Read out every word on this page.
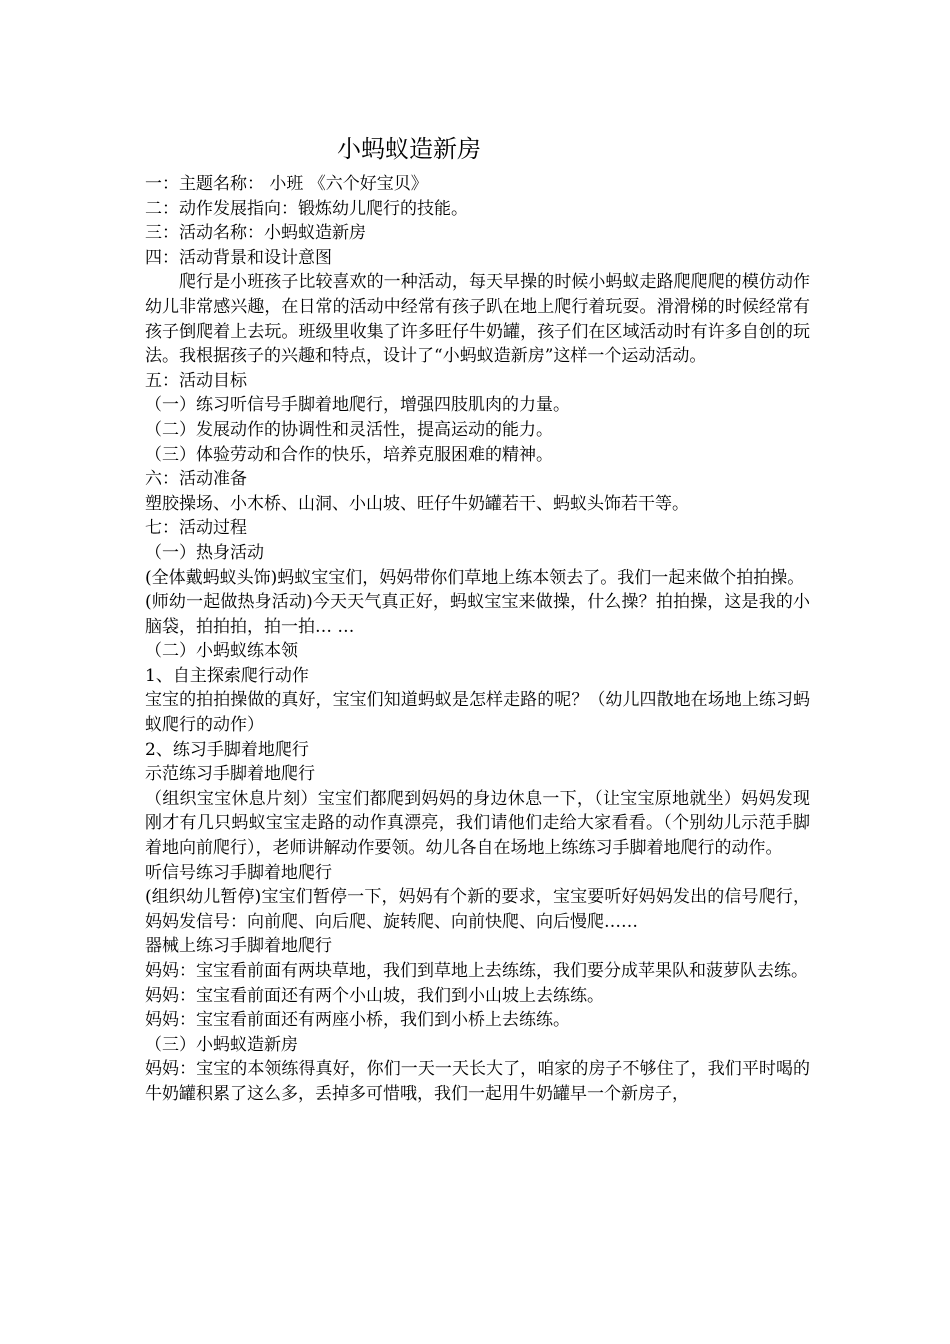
小蚂蚁造新房

一：主题名称： 小班 《六个好宝贝》

二：动作发展指向：锻炼幼儿爬行的技能。

三：活动名称：小蚂蚁造新房

四：活动背景和设计意图

爬行是小班孩子比较喜欢的一种活动，每天早操的时候小蚂蚁走路爬爬爬的模仿动作幼儿非常感兴趣，在日常的活动中经常有孩子趴在地上爬行着玩耍。滑滑梯的时候经常有孩子倒爬着上去玩。班级里收集了许多旺仔牛奶罐，孩子们在区域活动时有许多自创的玩法。我根据孩子的兴趣和特点，设计了“小蚂蚁造新房”这样一个运动活动。

五：活动目标

（一）练习听信号手脚着地爬行，增强四肢肌肉的力量。

（二）发展动作的协调性和灵活性，提高运动的能力。

（三）体验劳动和合作的快乐，培养克服困难的精神。

六：活动准备

塑胶操场、小木桥、山洞、小山坡、旺仔牛奶罐若干、蚂蚁头饰若干等。

七：活动过程

（一）热身活动

(全体戴蚂蚁头饰)蚂蚁宝宝们，妈妈带你们草地上练本领去了。我们一起来做个拍拍操。

(师幼一起做热身活动)今天天气真正好，蚂蚁宝宝来做操，什么操？拍拍操，这是我的小脑袋，拍拍拍，拍一拍… …

（二）小蚂蚁练本领

1、自主探索爬行动作

宝宝的拍拍操做的真好，宝宝们知道蚂蚁是怎样走路的呢？（幼儿四散地在场地上练习蚂蚁爬行的动作）

2、练习手脚着地爬行

示范练习手脚着地爬行

（组织宝宝休息片刻）宝宝们都爬到妈妈的身边休息一下，（让宝宝原地就坐）妈妈发现刚才有几只蚂蚁宝宝走路的动作真漂亮，我们请他们走给大家看看。（个别幼儿示范手脚着地向前爬行），老师讲解动作要领。幼儿各自在场地上练练习手脚着地爬行的动作。

听信号练习手脚着地爬行

(组织幼儿暂停)宝宝们暂停一下，妈妈有个新的要求，宝宝要听好妈妈发出的信号爬行，妈妈发信号：向前爬、向后爬、旋转爬、向前快爬、向后慢爬……

器械上练习手脚着地爬行

妈妈：宝宝看前面有两块草地，我们到草地上去练练，我们要分成苹果队和菠萝队去练。

妈妈：宝宝看前面还有两个小山坡，我们到小山坡上去练练。

妈妈：宝宝看前面还有两座小桥，我们到小桥上去练练。

（三）小蚂蚁造新房

妈妈：宝宝的本领练得真好，你们一天一天长大了，咱家的房子不够住了，我们平时喝的牛奶罐积累了这么多，丢掉多可惜哦，我们一起用牛奶罐早一个新房子，
